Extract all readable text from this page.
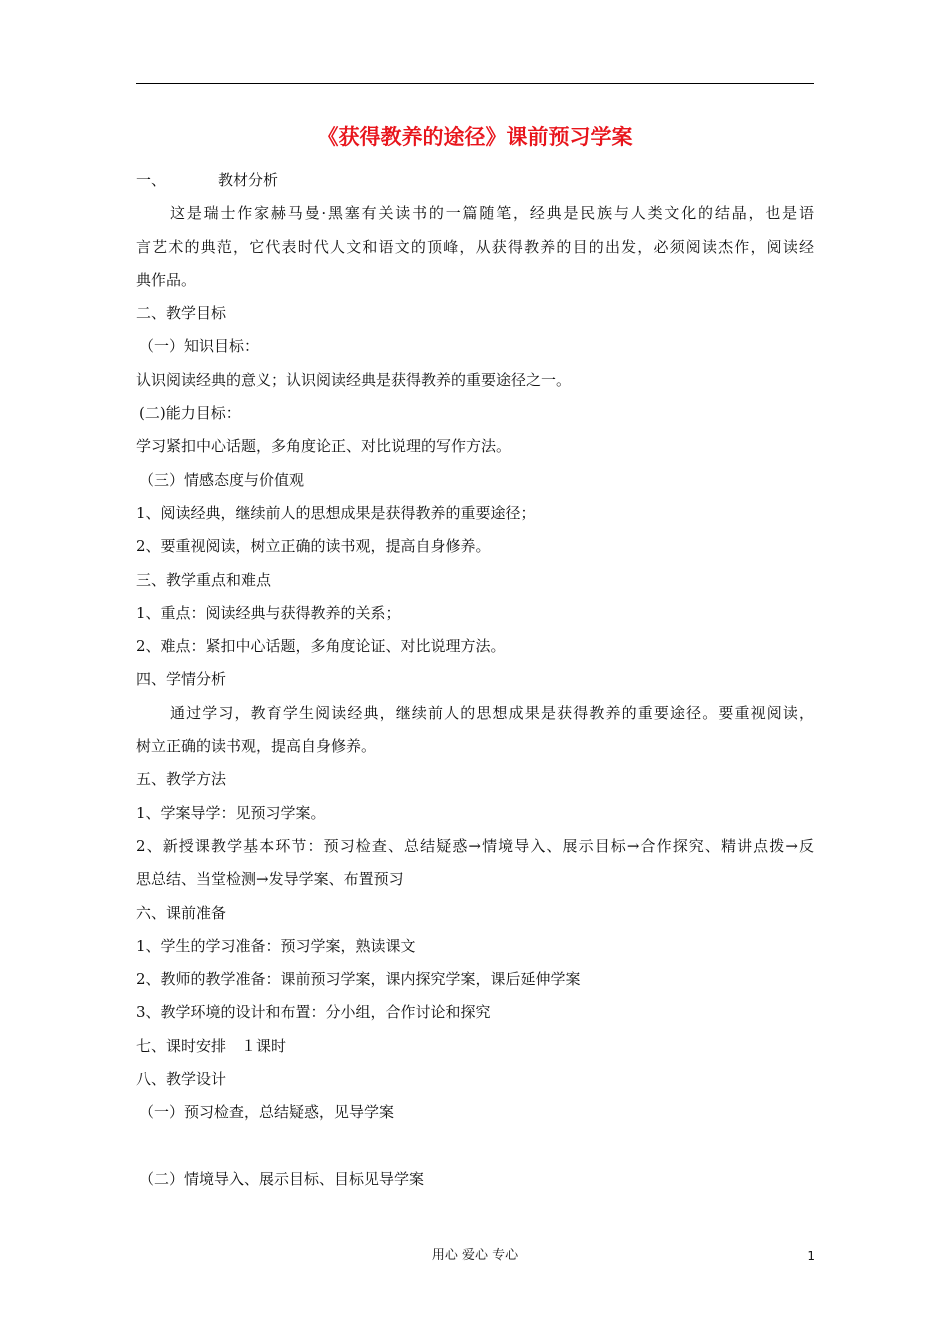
《获得教养的途径》课前预习学案
一、	教材分析
这是瑞士作家赫马曼·黑塞有关读书的一篇随笔，经典是民族与人类文化的结晶，也是语
言艺术的典范，它代表时代人文和语文的顶峰，从获得教养的目的出发，必须阅读杰作，阅读经
典作品。
二、教学目标
（一）知识目标：
认识阅读经典的意义；认识阅读经典是获得教养的重要途径之一。
(二)能力目标：
学习紧扣中心话题，多角度论正、对比说理的写作方法。
（三）情感态度与价值观
1、阅读经典，继续前人的思想成果是获得教养的重要途径；
2、要重视阅读，树立正确的读书观，提高自身修养。
三、教学重点和难点
1、重点：阅读经典与获得教养的关系；
2、难点：紧扣中心话题，多角度论证、对比说理方法。
四、学情分析
通过学习，教育学生阅读经典，继续前人的思想成果是获得教养的重要途径。要重视阅读，
树立正确的读书观，提高自身修养。
五、教学方法
1、学案导学：见预习学案。
2、新授课教学基本环节：预习检查、总结疑惑→情境导入、展示目标→合作探究、精讲点拨→反
思总结、当堂检测→发导学案、布置预习
六、课前准备
1、学生的学习准备：预习学案，熟读课文
2、教师的教学准备：课前预习学案，课内探究学案，课后延伸学案
3、教学环境的设计和布置：分小组，合作讨论和探究
七、课时安排　１课时
八、教学设计
（一）预习检查，总结疑惑，见导学案
（二）情境导入、展示目标、目标见导学案
用心 爱心 专心	1
